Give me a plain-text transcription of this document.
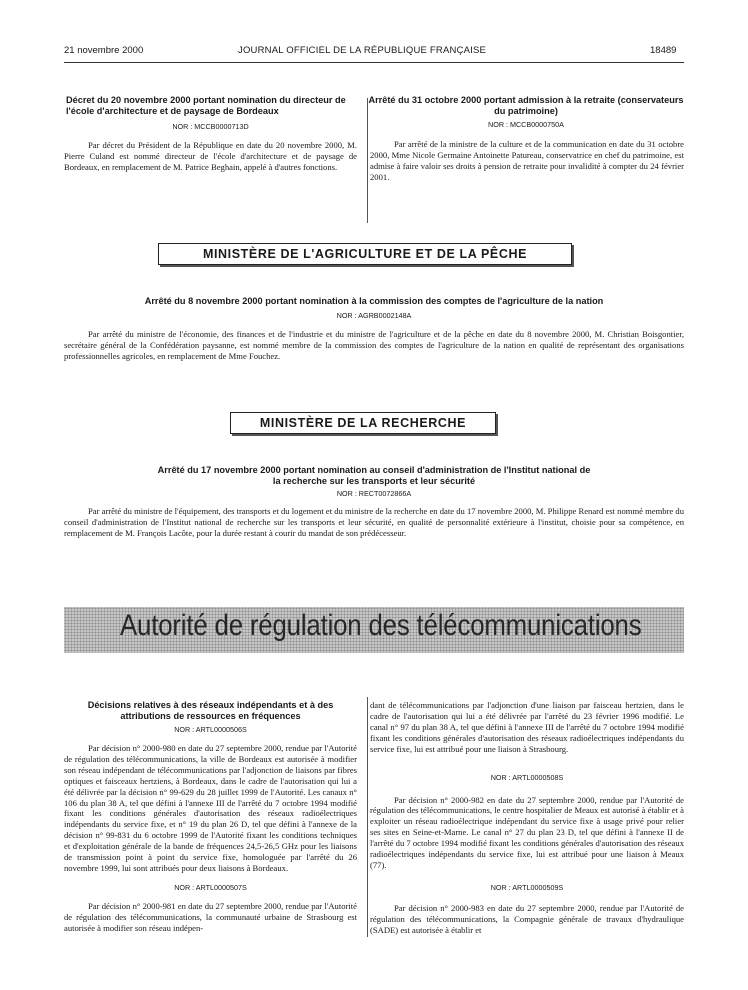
21 novembre 2000	JOURNAL OFFICIEL DE LA RÉPUBLIQUE FRANÇAISE	18489
Décret du 20 novembre 2000 portant nomination du directeur de l'école d'architecture et de paysage de Bordeaux
NOR : MCCB0000713D
Par décret du Président de la République en date du 20 novembre 2000, M. Pierre Culand est nommé directeur de l'école d'architecture et de paysage de Bordeaux, en remplacement de M. Patrice Beghain, appelé à d'autres fonctions.
Arrêté du 31 octobre 2000 portant admission à la retraite (conservateurs du patrimoine)
NOR : MCCB0000750A
Par arrêté de la ministre de la culture et de la communication en date du 31 octobre 2000, Mme Nicole Germaine Antoinette Patureau, conservatrice en chef du patrimoine, est admise à faire valoir ses droits à pension de retraite pour invalidité à compter du 24 février 2001.
MINISTÈRE DE L'AGRICULTURE ET DE LA PÊCHE
Arrêté du 8 novembre 2000 portant nomination à la commission des comptes de l'agriculture de la nation
NOR : AGRB0002148A
Par arrêté du ministre de l'économie, des finances et de l'industrie et du ministre de l'agriculture et de la pêche en date du 8 novembre 2000, M. Christian Boisgontier, secrétaire général de la Confédération paysanne, est nommé membre de la commission des comptes de l'agriculture de la nation en qualité de représentant des organisations professionnelles agricoles, en remplacement de Mme Fouchez.
MINISTÈRE DE LA RECHERCHE
Arrêté du 17 novembre 2000 portant nomination au conseil d'administration de l'Institut national de la recherche sur les transports et leur sécurité
NOR : RECT0072866A
Par arrêté du ministre de l'équipement, des transports et du logement et du ministre de la recherche en date du 17 novembre 2000, M. Philippe Renard est nommé membre du conseil d'administration de l'Institut national de recherche sur les transports et leur sécurité, en qualité de personnalité extérieure à l'institut, choisie pour sa compétence, en remplacement de M. François Lacôte, pour la durée restant à courir du mandat de son prédécesseur.
Autorité de régulation des télécommunications
Décisions relatives à des réseaux indépendants et à des attributions de ressources en fréquences
NOR : ARTL0000506S
Par décision n° 2000-980 en date du 27 septembre 2000, rendue par l'Autorité de régulation des télécommunications, la ville de Bordeaux est autorisée à modifier son réseau indépendant de télécommunications par l'adjonction de liaisons par fibres optiques et faisceaux hertziens, à Bordeaux, dans le cadre de l'autorisation qui lui a été délivrée par la décision n° 99-629 du 28 juillet 1999 de l'Autorité. Les canaux n° 106 du plan 38 A, tel que défini à l'annexe III de l'arrêté du 7 octobre 1994 modifié fixant les conditions générales d'autorisation des réseaux radioélectriques indépendants du service fixe, et n° 19 du plan 26 D, tel que défini à l'annexe de la décision n° 99-831 du 6 octobre 1999 de l'Autorité fixant les conditions techniques et d'exploitation générale de la bande de fréquences 24,5-26,5 GHz pour les liaisons de transmission point à point du service fixe, homologuée par l'arrêté du 26 novembre 1999, lui sont attribués pour deux liaisons à Bordeaux.
NOR : ARTL0000507S
Par décision n° 2000-981 en date du 27 septembre 2000, rendue par l'Autorité de régulation des télécommunications, la communauté urbaine de Strasbourg est autorisée à modifier son réseau indépen-
dant de télécommunications par l'adjonction d'une liaison par faisceau hertzien, dans le cadre de l'autorisation qui lui a été délivrée par l'arrêté du 23 février 1996 modifié. Le canal n° 97 du plan 38 A, tel que défini à l'annexe III de l'arrêté du 7 octobre 1994 modifié fixant les conditions générales d'autorisation des réseaux radioélectriques indépendants du service fixe, lui est attribué pour une liaison à Strasbourg.
NOR : ARTL0000508S
Par décision n° 2000-982 en date du 27 septembre 2000, rendue par l'Autorité de régulation des télécommunications, le centre hospitalier de Meaux est autorisé à établir et à exploiter un réseau radioélectrique indépendant du service fixe à usage privé pour relier ses sites en Seine-et-Marne. Le canal n° 27 du plan 23 D, tel que défini à l'annexe II de l'arrêté du 7 octobre 1994 modifié fixant les conditions générales d'autorisation des réseaux radioélectriques indépendants du service fixe, lui est attribué pour une liaison à Meaux (77).
NOR : ARTL0000509S
Par décision n° 2000-983 en date du 27 septembre 2000, rendue par l'Autorité de régulation des télécommunications, la Compagnie générale de travaux d'hydraulique (SADE) est autorisée à établir et
